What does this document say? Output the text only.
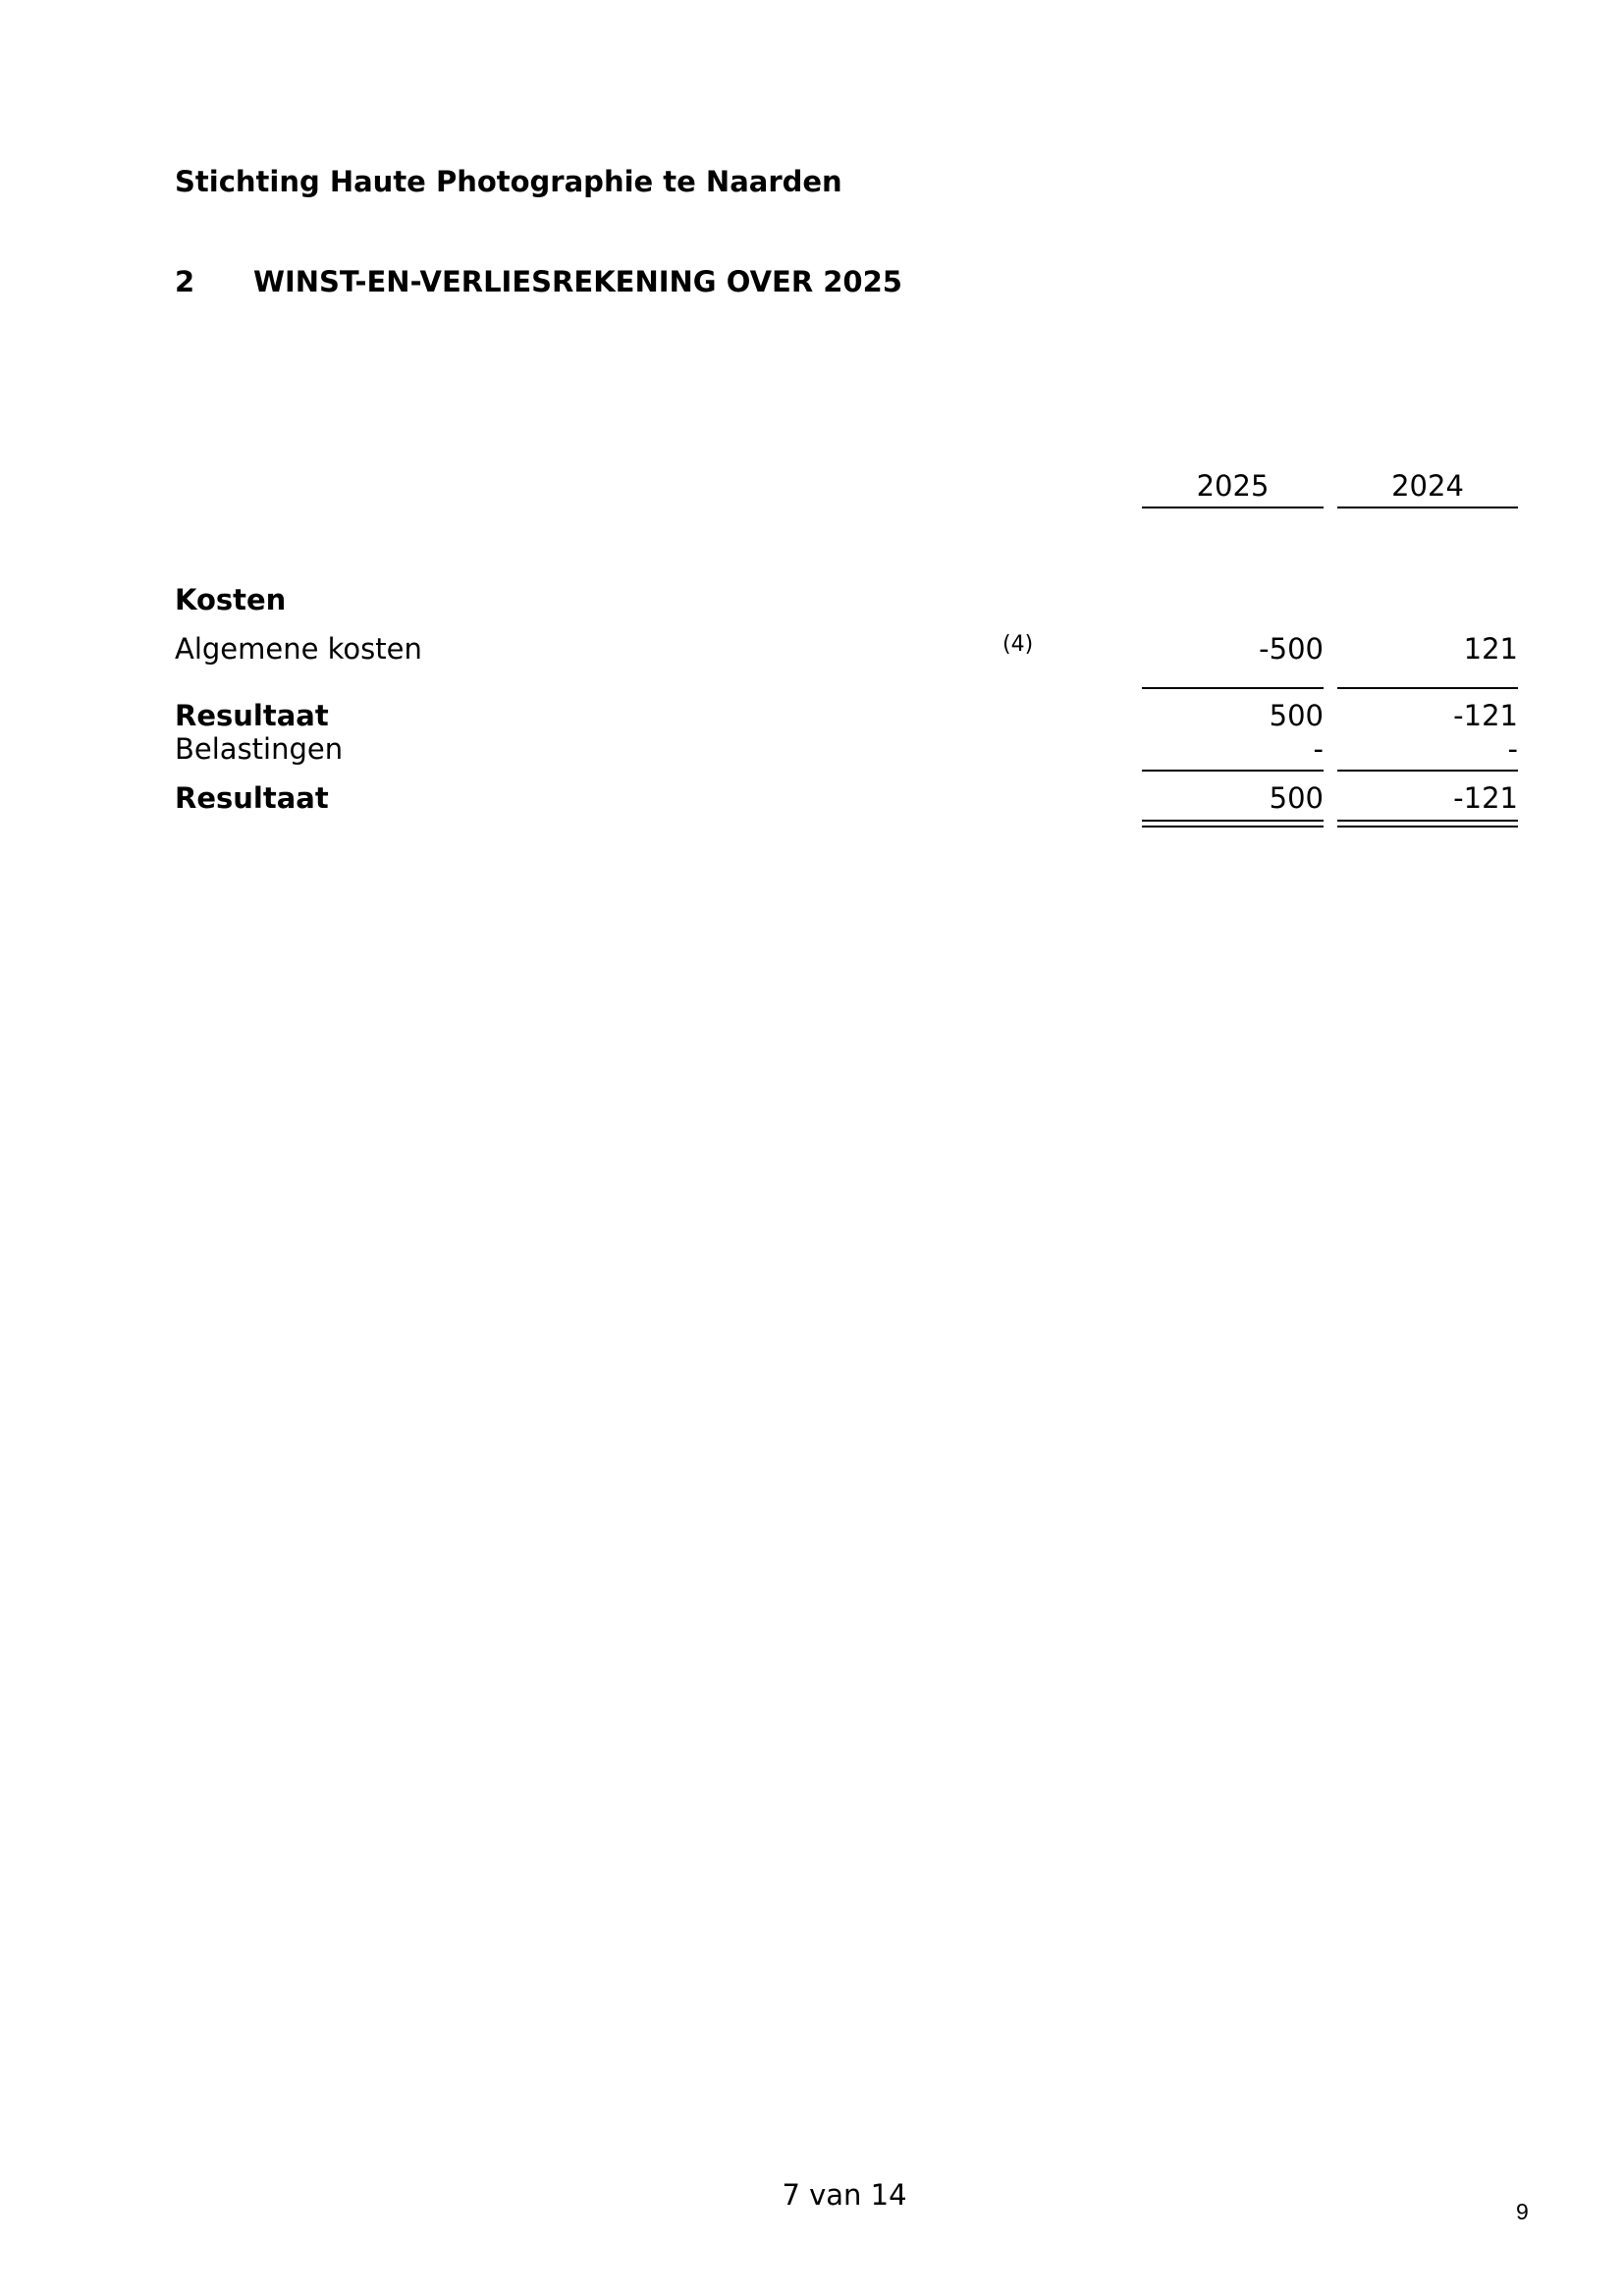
Stichting Haute Photographie te Naarden
2 WINST-EN-VERLIESREKENING OVER 2025
2025	2024
Kosten
Algemene kosten	(4)	-500	121
Resultaat	500	-121
Belastingen	-	-
Resultaat	500	-121
7 van 14	9
